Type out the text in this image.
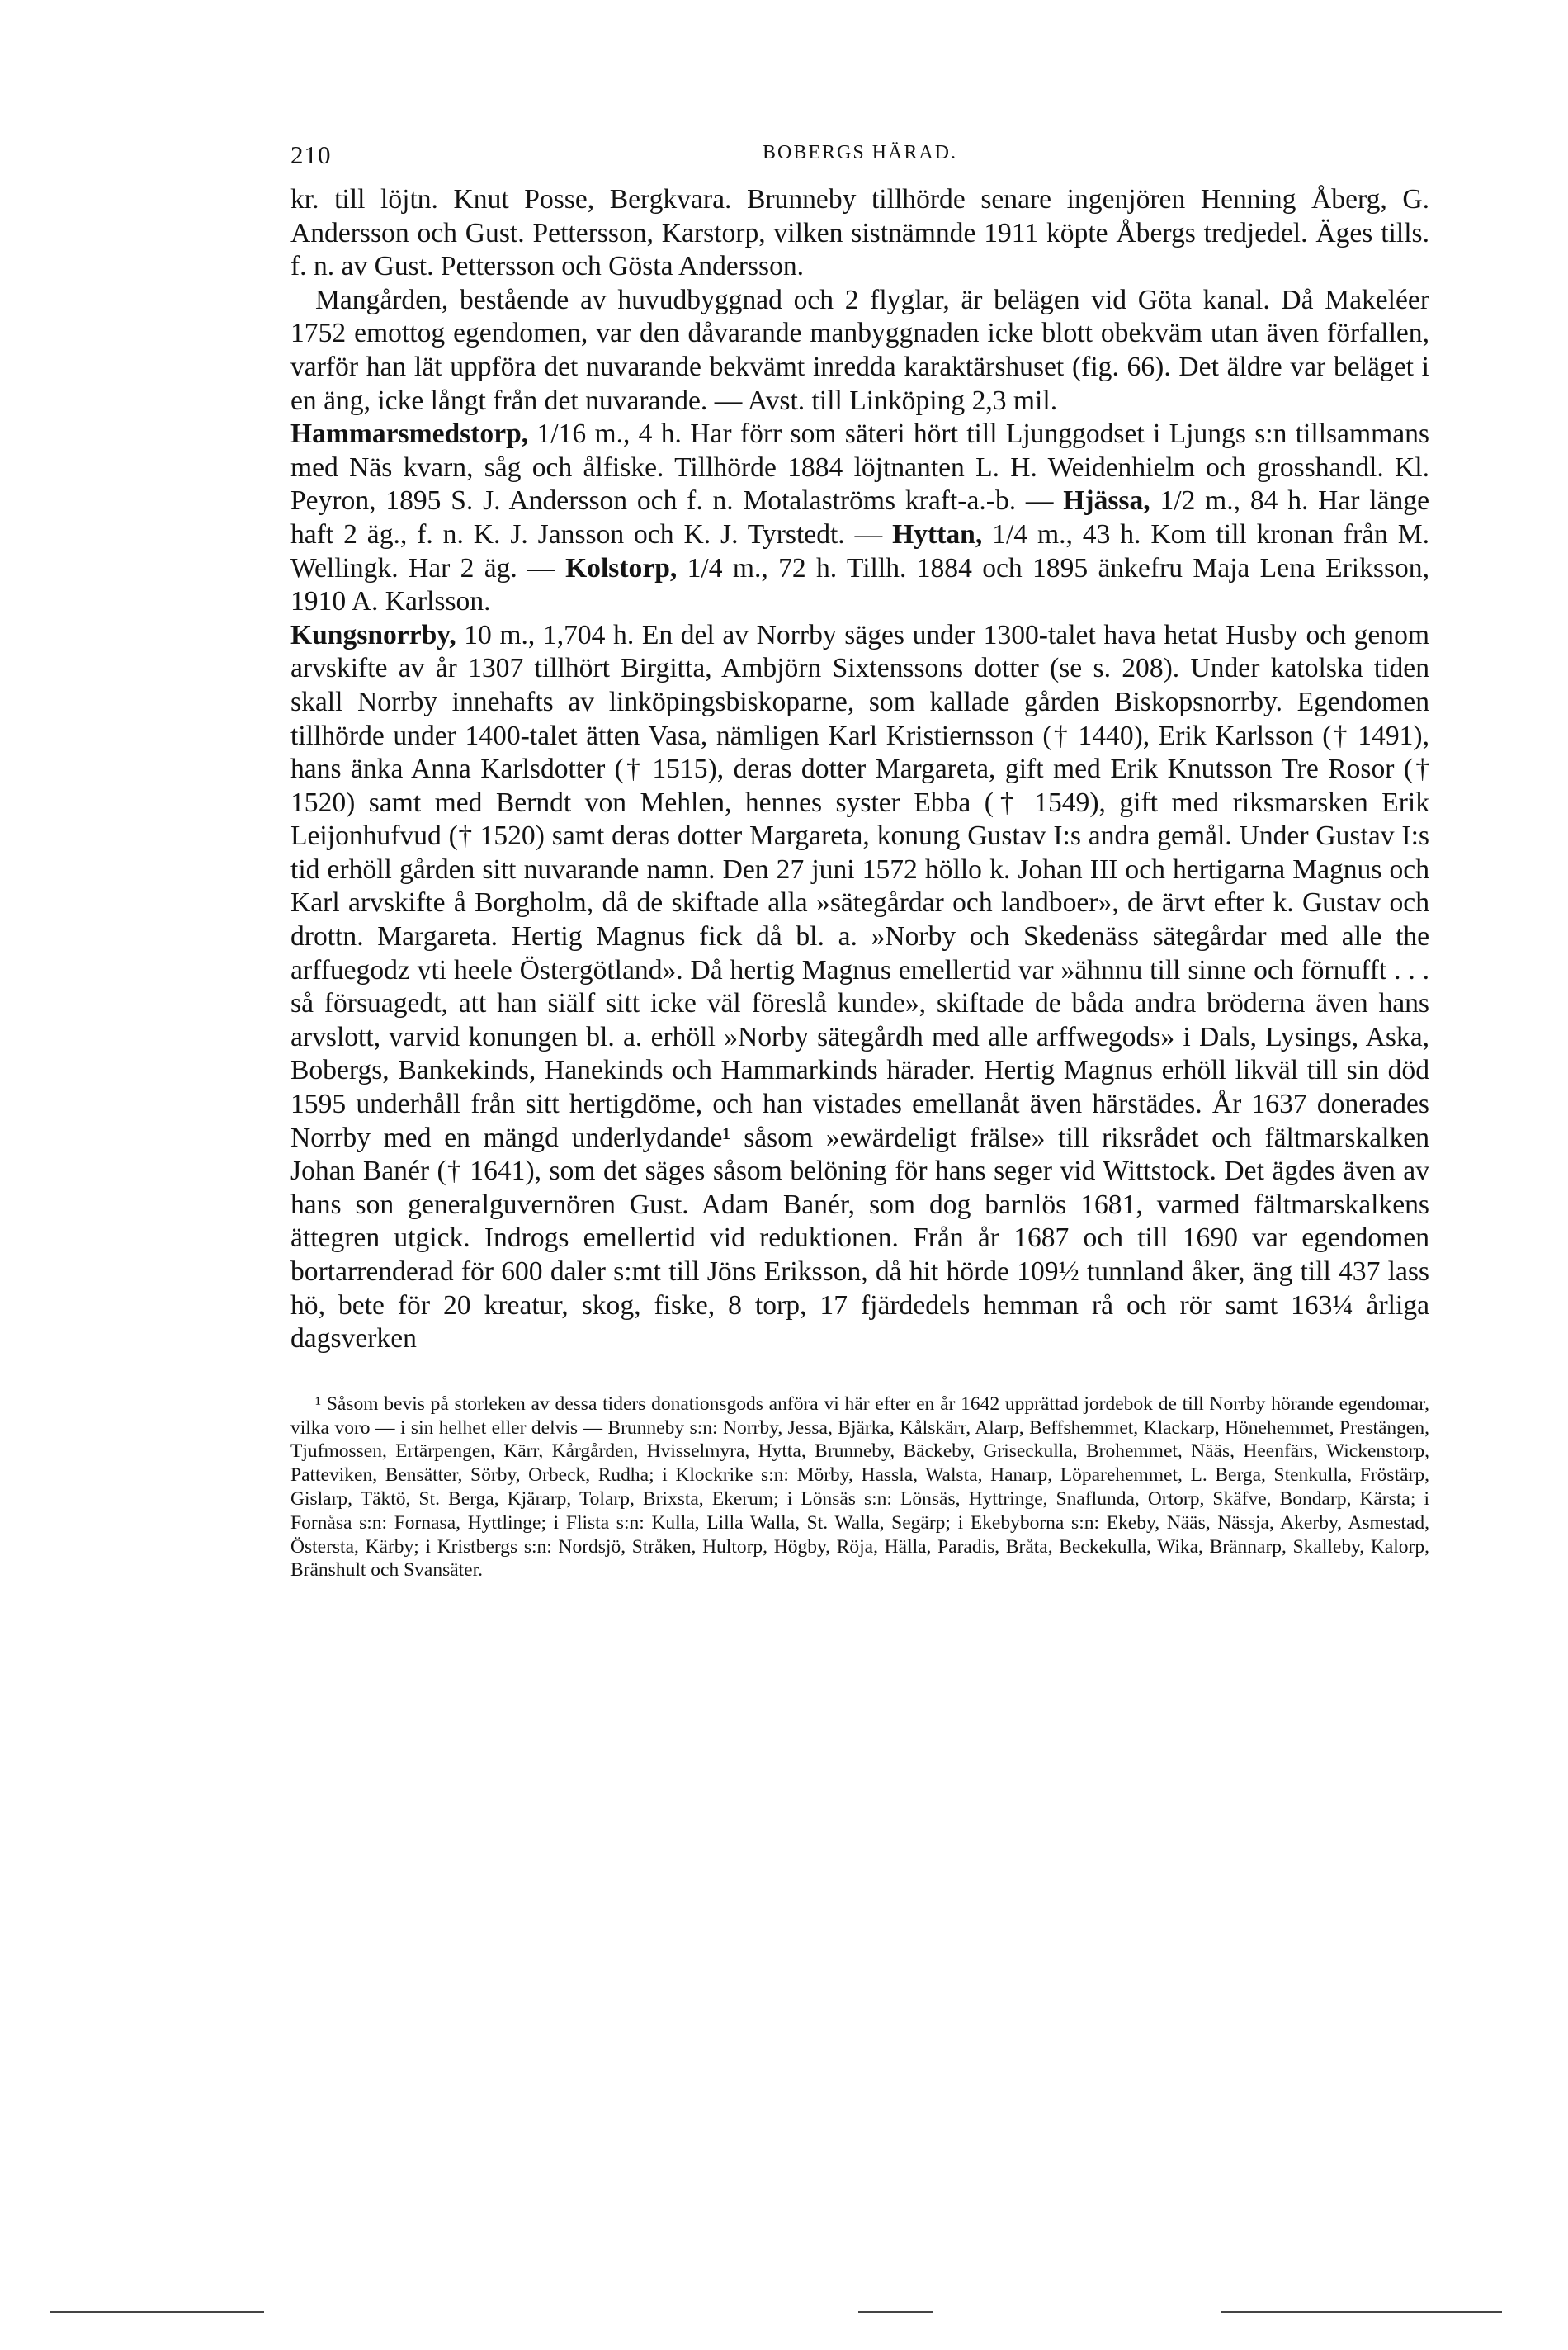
210	BOBERGS HÄRAD.

kr. till löjtn. Knut Posse, Bergkvara. Brunneby tillhörde senare ingenjören Henning Åberg, G. Andersson och Gust. Pettersson, Karstorp, vilken sistnämnde 1911 köpte Åbergs tredjedel. Äges tills. f. n. av Gust. Pettersson och Gösta Andersson.

Mangården, bestående av huvudbyggnad och 2 flyglar, är belägen vid Göta kanal. Då Makeléer 1752 emottog egendomen, var den dåvarande manbyggnaden icke blott obekväm utan även förfallen, varför han lät uppföra det nuvarande bekvämt inredda karaktärshuset (fig. 66). Det äldre var beläget i en äng, icke långt från det nuvarande. — Avst. till Linköping 2,3 mil.

Hammarsmedstorp, 1/16 m., 4 h. Har förr som säteri hört till Ljunggodset i Ljungs s:n tillsammans med Näs kvarn, såg och ålfiske. Tillhörde 1884 löjtnanten L. H. Weidenhielm och grosshandl. Kl. Peyron, 1895 S. J. Andersson och f. n. Motalaströms kraft-a.-b. — Hjässa, 1/2 m., 84 h. Har länge haft 2 äg., f. n. K. J. Jansson och K. J. Tyrstedt. — Hyttan, 1/4 m., 43 h. Kom till kronan från M. Wellingk. Har 2 äg. — Kolstorp, 1/4 m., 72 h. Tillh. 1884 och 1895 änkefru Maja Lena Eriksson, 1910 A. Karlsson.

Kungsnorrby, 10 m., 1,704 h. En del av Norrby säges under 1300-talet hava hetat Husby och genom arvskifte av år 1307 tillhört Birgitta, Ambjörn Sixtenssons dotter (se s. 208). Under katolska tiden skall Norrby innehafts av linköpingsbiskoparne, som kallade gården Biskopsnorrby. Egendomen tillhörde under 1400-talet ätten Vasa, nämligen Karl Kristiernsson († 1440), Erik Karlsson († 1491), hans änka Anna Karlsdotter († 1515), deras dotter Margareta, gift med Erik Knutsson Tre Rosor († 1520) samt med Berndt von Mehlen, hennes syster Ebba († 1549), gift med riksmarsken Erik Leijonhufvud († 1520) samt deras dotter Margareta, konung Gustav I:s andra gemål. Under Gustav I:s tid erhöll gården sitt nuvarande namn. Den 27 juni 1572 höllo k. Johan III och hertigarna Magnus och Karl arvskifte å Borgholm, då de skiftade alla »sätegårdar och landboer», de ärvt efter k. Gustav och drottn. Margareta. Hertig Magnus fick då bl. a. »Norby och Skedenäss sätegårdar med alle the arffuegodz vti heele Östergötland». Då hertig Magnus emellertid var »ähnnu till sinne och förnufft . . . så försuagedt, att han siälf sitt icke väl föreslå kunde», skiftade de båda andra bröderna även hans arvslott, varvid konungen bl. a. erhöll »Norby sätegårdh med alle arffwegods» i Dals, Lysings, Aska, Bobergs, Bankekinds, Hanekinds och Hammarkinds härader. Hertig Magnus erhöll likväl till sin död 1595 underhåll från sitt hertigdöme, och han vistades emellanåt även härstädes. År 1637 donerades Norrby med en mängd underlydande¹ såsom »ewärdeligt frälse» till riksrådet och fältmarskalken Johan Banér († 1641), som det säges såsom belöning för hans seger vid Wittstock. Det ägdes även av hans son generalguvernören Gust. Adam Banér, som dog barnlös 1681, varmed fältmarskalkens ättegren utgick. Indrogs emellertid vid reduktionen. Från år 1687 och till 1690 var egendomen bortarrenderad för 600 daler s:mt till Jöns Eriksson, då hit hörde 109½ tunnland åker, äng till 437 lass hö, bete för 20 kreatur, skog, fiske, 8 torp, 17 fjärdedels hemman rå och rör samt 163¼ årliga dagsverken

¹ Såsom bevis på storleken av dessa tiders donationsgods anföra vi här efter en år 1642 upprättad jordebok de till Norrby hörande egendomar, vilka voro — i sin helhet eller delvis — Brunneby s:n: Norrby, Jessa, Bjärka, Kålskärr, Alarp, Beffshemmet, Klackarp, Hönehemmet, Prestängen, Tjufmossen, Ertärpengen, Kärr, Kårgården, Hvisselmyra, Hytta, Brunneby, Bäckeby, Griseckulla, Brohemmet, Nääs, Heenfärs, Wickenstorp, Patteviken, Bensätter, Sörby, Orbeck, Rudha; i Klockrike s:n: Mörby, Hassla, Walsta, Hanarp, Löparehemmet, L. Berga, Stenkulla, Fröstärp, Gislarp, Täktö, St. Berga, Kjärarp, Tolarp, Brixsta, Ekerum; i Lönsäs s:n: Lönsäs, Hyttringe, Snaflunda, Ortorp, Skäfve, Bondarp, Kärsta; i Fornåsa s:n: Fornasa, Hyttlinge; i Flista s:n: Kulla, Lilla Walla, St. Walla, Segärp; i Ekebyborna s:n: Ekeby, Nääs, Nässja, Akerby, Asmestad, Östersta, Kärby; i Kristbergs s:n: Nordsjö, Stråken, Hultorp, Högby, Röja, Hälla, Paradis, Bråta, Beckekulla, Wika, Brännarp, Skalleby, Kalorp, Bränshult och Svansäter.
